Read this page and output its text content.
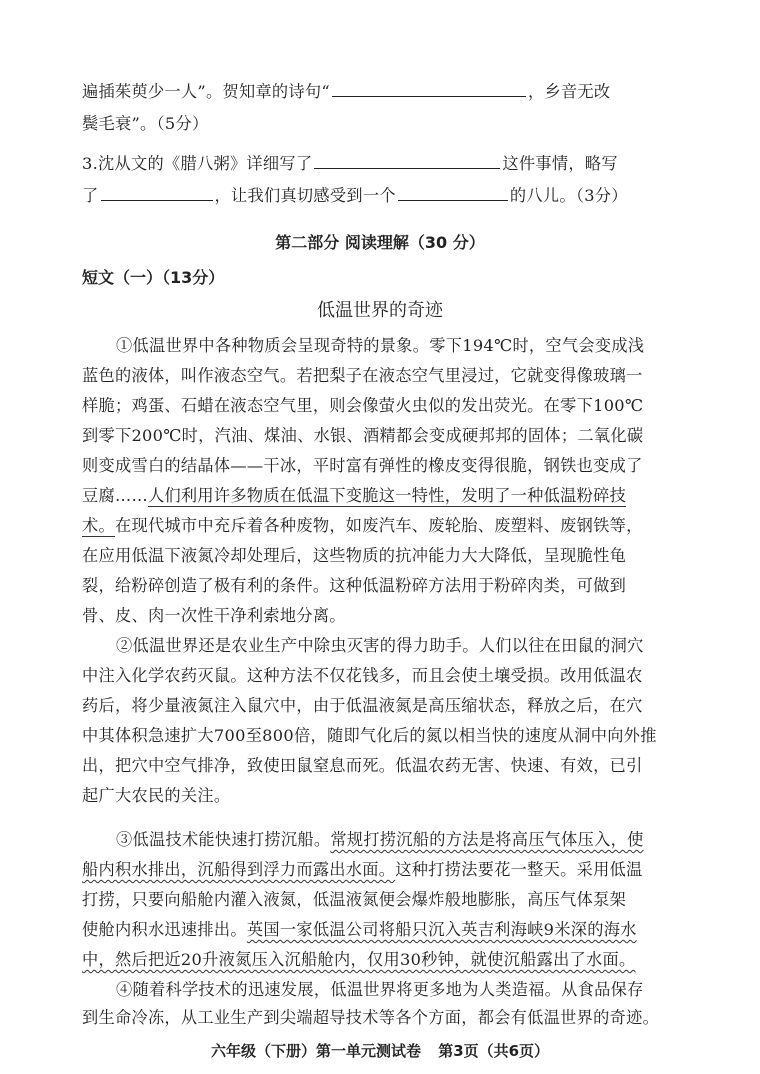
遍插茱萸少一人”。贺知章的诗句“	，乡音无改
鬓毛衰”。（5分）
3.沈从文的《腊八粥》详细写了	这件事情，略写
了	，让我们真切感受到一个	的八儿。（3分）
第二部分 阅读理解（30 分）
短文（一）（13分）
低温世界的奇迹
①低温世界中各种物质会呈现奇特的景象。零下194℃时，空气会变成浅
蓝色的液体，叫作液态空气。若把梨子在液态空气里浸过，它就变得像玻璃一
样脆；鸡蛋、石蜡在液态空气里，则会像萤火虫似的发出荧光。在零下100℃
到零下200℃时，汽油、煤油、水银、酒精都会变成硬邦邦的固体；二氧化碳
则变成雪白的结晶体——干冰，平时富有弹性的橡皮变得很脆，钢铁也变成了
豆腐……人们利用许多物质在低温下变脆这一特性，发明了一种低温粉碎技
术。在现代城市中充斥着各种废物，如废汽车、废轮胎、废塑料、废钢铁等，
在应用低温下液氮冷却处理后，这些物质的抗冲能力大大降低，呈现脆性龟
裂，给粉碎创造了极有利的条件。这种低温粉碎方法用于粉碎肉类，可做到
骨、皮、肉一次性干净利索地分离。
②低温世界还是农业生产中除虫灭害的得力助手。人们以往在田鼠的洞穴
中注入化学农药灭鼠。这种方法不仅花钱多，而且会使土壤受损。改用低温农
药后，将少量液氮注入鼠穴中，由于低温液氮是高压缩状态，释放之后，在穴
中其体积急速扩大700至800倍，随即气化后的氮以相当快的速度从洞中向外推
出，把穴中空气排净，致使田鼠窒息而死。低温农药无害、快速、有效，已引
起广大农民的关注。
③低温技术能快速打捞沉船。常规打捞沉船的方法是将高压气体压入，使
船内积水排出，沉船得到浮力而露出水面。这种打捞法要花一整天。采用低温
打捞，只要向船舱内灌入液氮，低温液氮便会爆炸般地膨胀，高压气体泵架
使舱内积水迅速排出。英国一家低温公司将船只沉入英吉利海峡9米深的海水
中，然后把近20升液氮压入沉船舱内，仅用30秒钟，就使沉船露出了水面。
④随着科学技术的迅速发展，低温世界将更多地为人类造福。从食品保存
六年级（下册）第一单元测试卷 第3页（共6页）
到生命冷冻，从工业生产到尖端超导技术等各个方面，都会有低温世界的奇迹。
